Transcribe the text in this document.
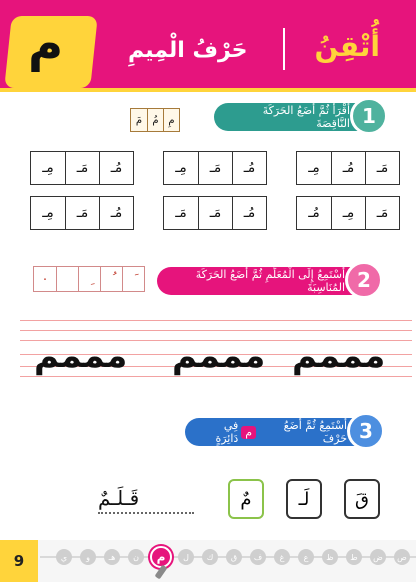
م	حَرْفُ الْمِيمِ أُتْقِنُ
أَقْرَأُ ثُمَّ أَضَعُ الحَرَكَةَ النَّاقِصَةَ 1
مَ	مُ مِ
مِـ	مُـ	مَـ
مِـ	مَـ	مُـ
مِـ	مَـ	مُـ
مُـ	مِـ	مَـ
مَـ	مَـ	مُـ
مِـ	مَـ	مُـ
٠	أَسْتَمِعُ إِلَى الْمُعَلِّمِ ثُمَّ أَضَعُ الحَرَكَةَ المُنَاسِبَةَ 2
مممم مممم مممم
أَسْتَمِعُ ثُمَّ أَضَعُ حَرْفَ
م
فِي دَائِرَةٍ	3
قَ
لَـ
مٌ
قَـلَـمٌ
9	ي	و	هـ	ن	م	ل	ك	ق	ف	غ	ع	ظ	ط	ض	ص
